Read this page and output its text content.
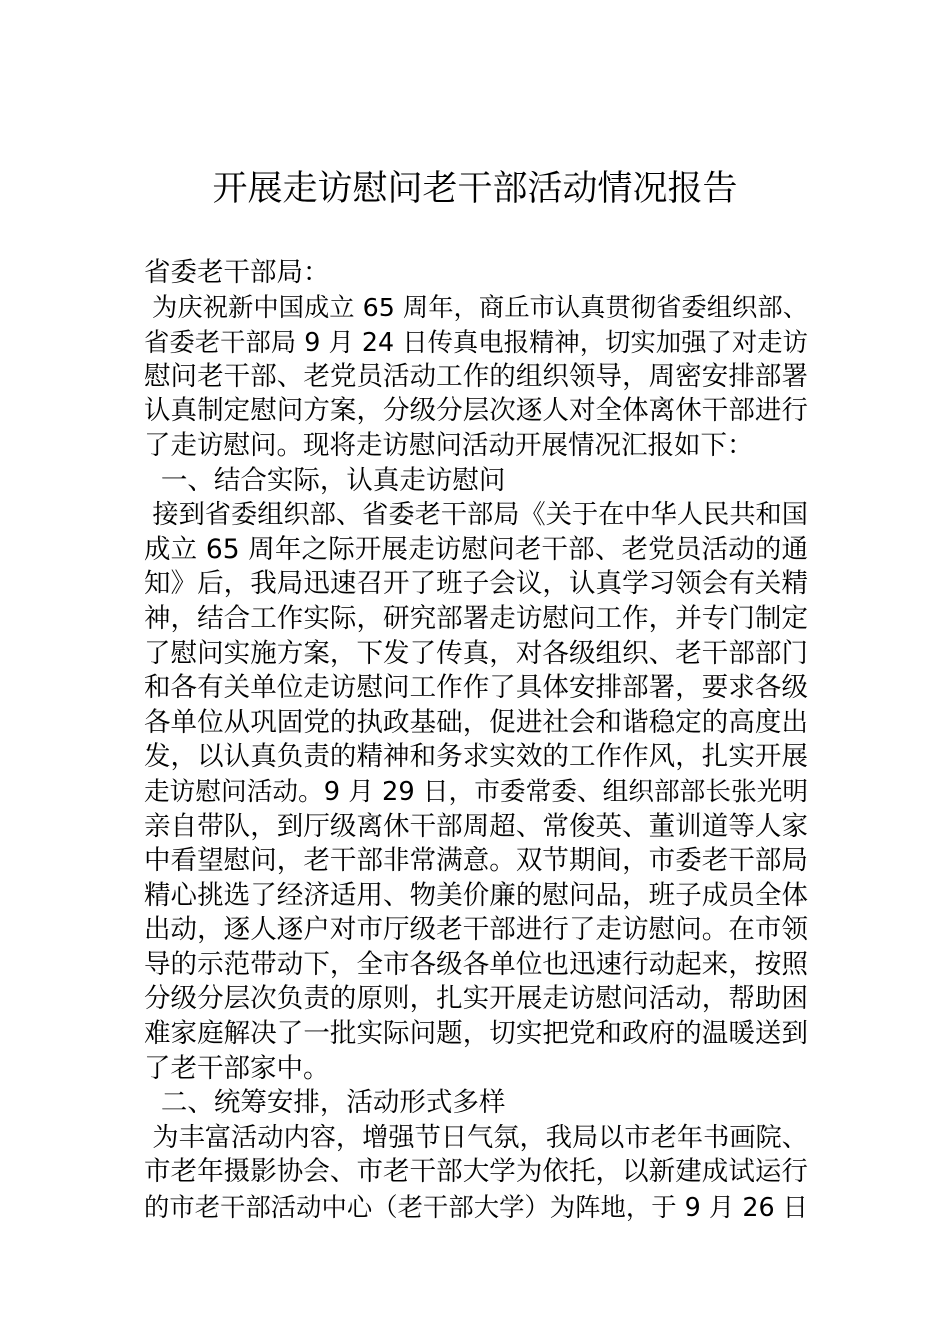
开展走访慰问老干部活动情况报告
省委老干部局：
为庆祝新中国成立 65 周年，商丘市认真贯彻省委组织部、
省委老干部局 9 月 24 日传真电报精神，切实加强了对走访
慰问老干部、老党员活动工作的组织领导，周密安排部署
认真制定慰问方案，分级分层次逐人对全体离休干部进行
了走访慰问。现将走访慰问活动开展情况汇报如下：
一、结合实际，认真走访慰问
接到省委组织部、省委老干部局《关于在中华人民共和国
成立 65 周年之际开展走访慰问老干部、老党员活动的通
知》后，我局迅速召开了班子会议，认真学习领会有关精
神，结合工作实际，研究部署走访慰问工作，并专门制定
了慰问实施方案，下发了传真，对各级组织、老干部部门
和各有关单位走访慰问工作作了具体安排部署，要求各级
各单位从巩固党的执政基础，促进社会和谐稳定的高度出
发，以认真负责的精神和务求实效的工作作风，扎实开展
走访慰问活动。9 月 29 日，市委常委、组织部部长张光明
亲自带队，到厅级离休干部周超、常俊英、董训道等人家
中看望慰问，老干部非常满意。双节期间，市委老干部局
精心挑选了经济适用、物美价廉的慰问品，班子成员全体
出动，逐人逐户对市厅级老干部进行了走访慰问。在市领
导的示范带动下，全市各级各单位也迅速行动起来，按照
分级分层次负责的原则，扎实开展走访慰问活动，帮助困
难家庭解决了一批实际问题，切实把党和政府的温暖送到
了老干部家中。
二、统筹安排，活动形式多样
为丰富活动内容，增强节日气氛，我局以市老年书画院、
市老年摄影协会、市老干部大学为依托，以新建成试运行
的市老干部活动中心（老干部大学）为阵地，于 9 月 26 日
